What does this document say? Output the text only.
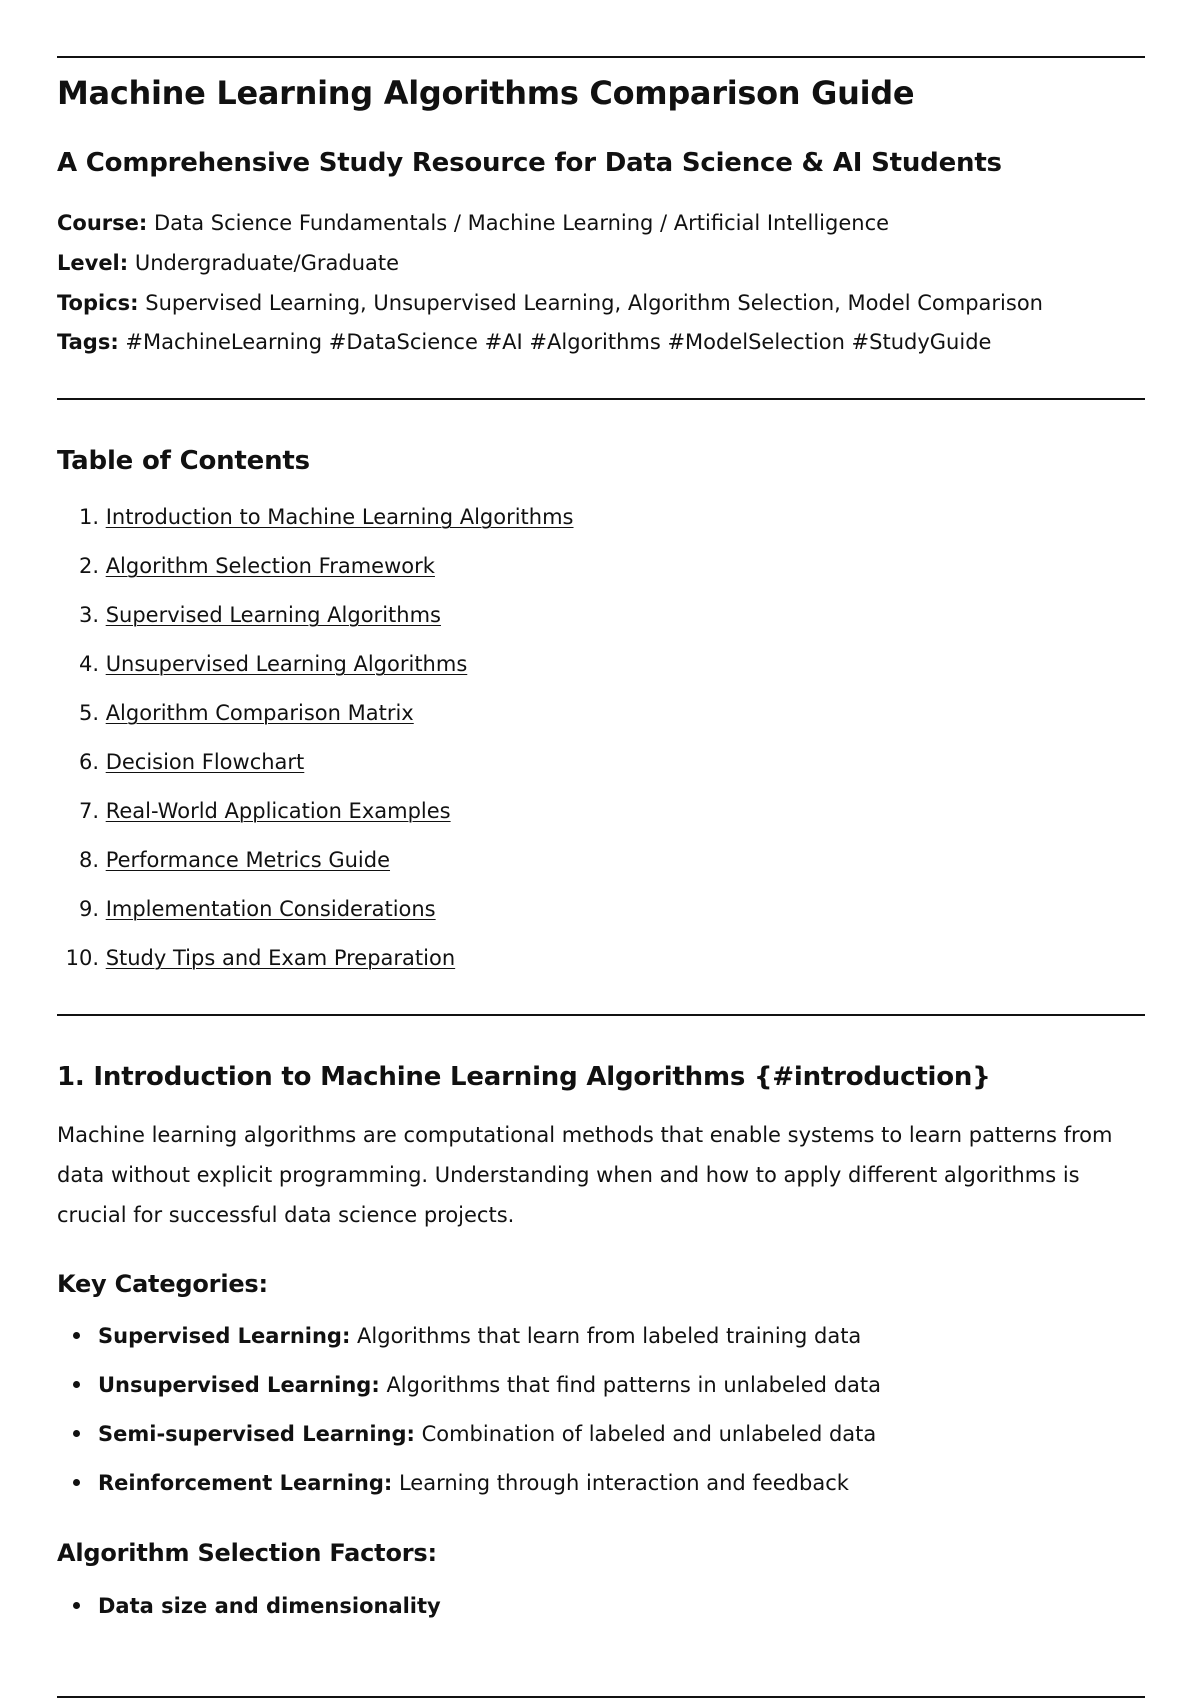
Machine Learning Algorithms Comparison Guide
A Comprehensive Study Resource for Data Science & AI Students
Course: Data Science Fundamentals / Machine Learning / Artificial Intelligence
Level: Undergraduate/Graduate
Topics: Supervised Learning, Unsupervised Learning, Algorithm Selection, Model Comparison
Tags: #MachineLearning #DataScience #AI #Algorithms #ModelSelection #StudyGuide
Table of Contents
1. Introduction to Machine Learning Algorithms
2. Algorithm Selection Framework
3. Supervised Learning Algorithms
4. Unsupervised Learning Algorithms
5. Algorithm Comparison Matrix
6. Decision Flowchart
7. Real-World Application Examples
8. Performance Metrics Guide
9. Implementation Considerations
10. Study Tips and Exam Preparation
1. Introduction to Machine Learning Algorithms {#introduction}

Machine learning algorithms are computational methods that enable systems to learn patterns from data without explicit programming. Understanding when and how to apply different algorithms is crucial for successful data science projects.

Key Categories:
Supervised Learning: Algorithms that learn from labeled training data
Unsupervised Learning: Algorithms that find patterns in unlabeled data
Semi-supervised Learning: Combination of labeled and unlabeled data
Reinforcement Learning: Learning through interaction and feedback
Algorithm Selection Factors:
Data size and dimensionality
